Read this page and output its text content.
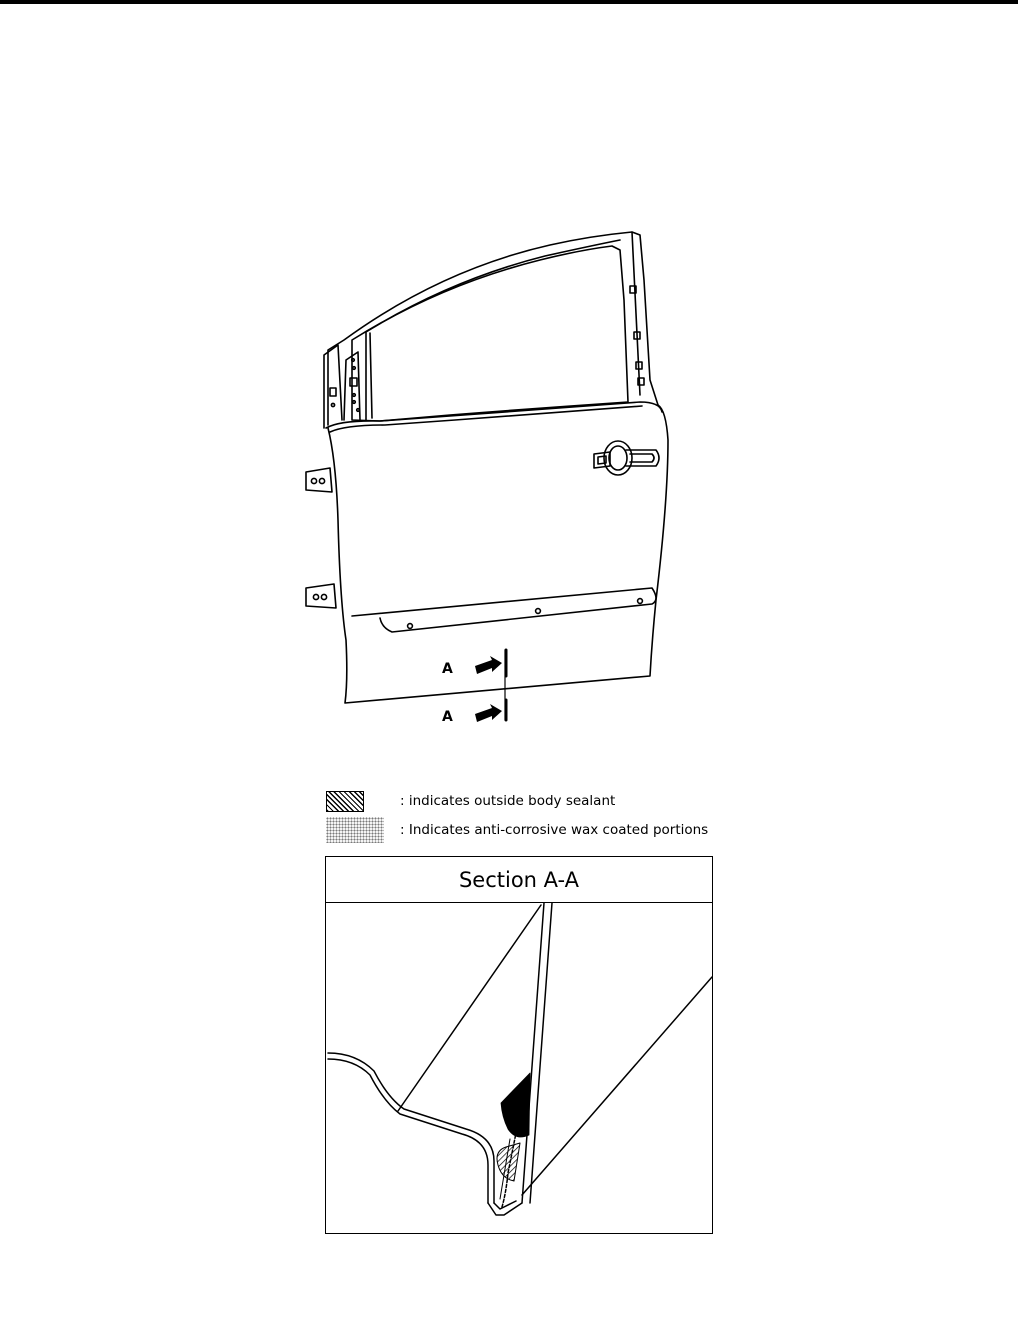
A
A
: indicates outside body sealant
: Indicates anti-corrosive wax coated portions
Section A-A
